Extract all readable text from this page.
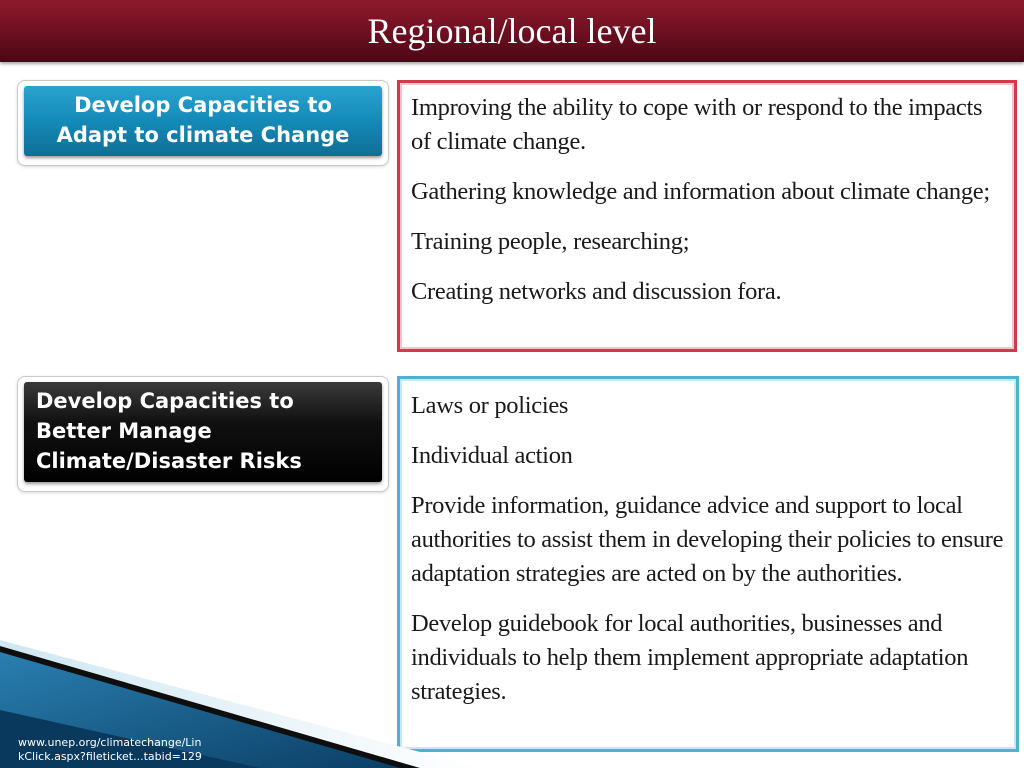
Regional/local level
Develop Capacities to
Adapt to climate Change

Improving the ability to cope with or respond to the impacts of climate change.

Gathering knowledge and information about climate change;

Training people, researching;

Creating networks and discussion fora.

Develop Capacities to
Better Manage
Climate/Disaster Risks

Laws or policies

Individual action

Provide information, guidance advice and support to local authorities to assist them in developing their policies to ensure adaptation strategies are acted on by the authorities.

Develop guidebook for local authorities, businesses and individuals to help them implement appropriate adaptation strategies.

www.unep.org/climatechange/Lin
kClick.aspx?fileticket...tabid=129
